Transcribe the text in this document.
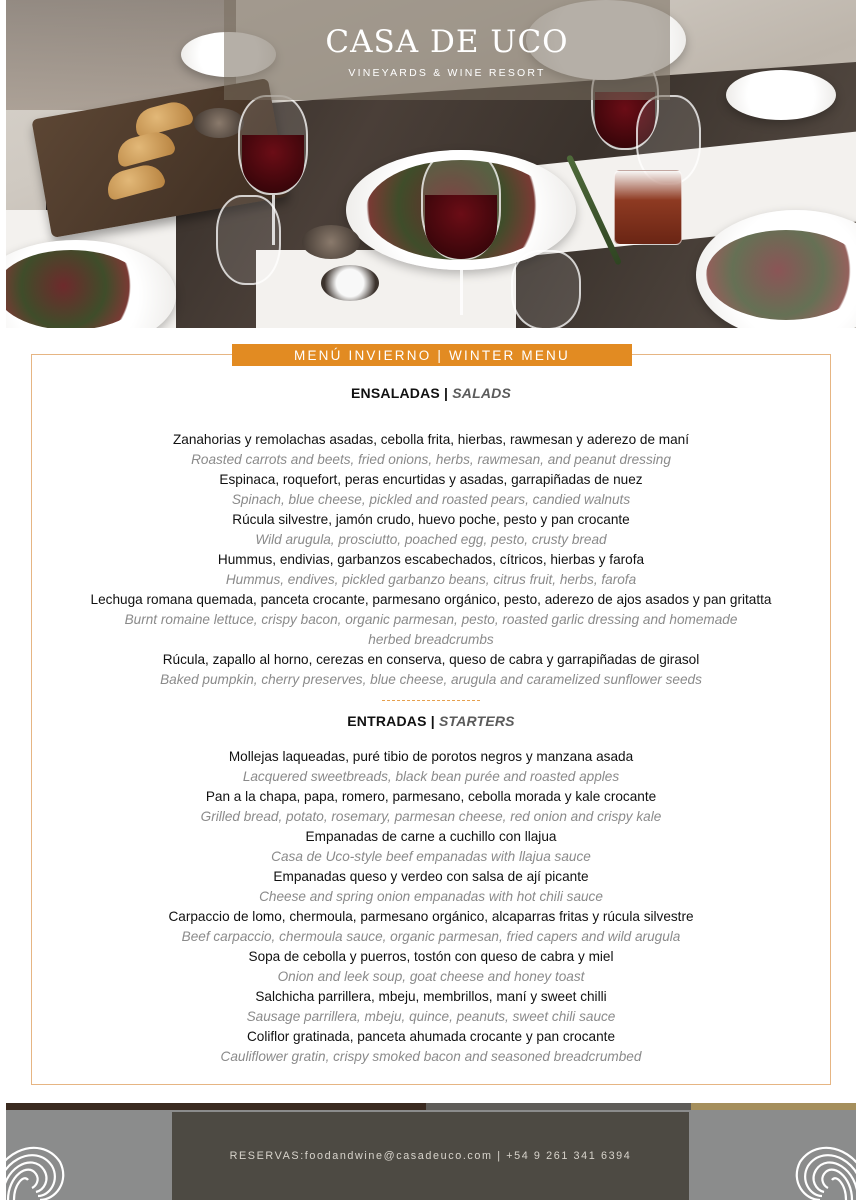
CASA DE UCO
VINEYARDS & WINE RESORT
MENÚ INVIERNO | WINTER MENU
ENSALADAS | SALADS
Zanahorias y remolachas asadas, cebolla frita, hierbas, rawmesan y aderezo de maní
Roasted carrots and beets, fried onions, herbs, rawmesan, and peanut dressing
Espinaca, roquefort, peras encurtidas y asadas, garrapiñadas de nuez
Spinach, blue cheese, pickled and roasted pears, candied walnuts
Rúcula silvestre, jamón crudo, huevo poche, pesto y pan crocante
Wild arugula, prosciutto, poached egg, pesto, crusty bread
Hummus, endivias, garbanzos escabechados, cítricos, hierbas y farofa
Hummus, endives, pickled garbanzo beans, citrus fruit, herbs, farofa
Lechuga romana quemada, panceta crocante, parmesano orgánico, pesto, aderezo de ajos asados y pan gritatta
Burnt romaine lettuce, crispy bacon, organic parmesan, pesto, roasted garlic dressing and homemade herbed breadcrumbs
Rúcula, zapallo al horno, cerezas en conserva, queso de cabra y garrapiñadas de girasol
Baked pumpkin, cherry preserves, blue cheese, arugula and caramelized sunflower seeds
ENTRADAS | STARTERS
Mollejas laqueadas, puré tibio de porotos negros y manzana asada
Lacquered sweetbreads, black bean purée and roasted apples
Pan a la chapa, papa, romero, parmesano, cebolla morada y kale crocante
Grilled bread, potato, rosemary, parmesan cheese, red onion and crispy kale
Empanadas de carne a cuchillo con llajua
Casa de Uco-style beef empanadas with llajua sauce
Empanadas queso y verdeo con salsa de ají picante
Cheese and spring onion empanadas with hot chili sauce
Carpaccio de lomo, chermoula, parmesano orgánico, alcaparras fritas y rúcula silvestre
Beef carpaccio, chermoula sauce, organic parmesan, fried capers and wild arugula
Sopa de cebolla y puerros, tostón con queso de cabra y miel
Onion and leek soup, goat cheese and honey toast
Salchicha parrillera, mbeju, membrillos, maní y sweet chilli
Sausage parrillera, mbeju, quince, peanuts, sweet chili sauce
Coliflor gratinada, panceta ahumada crocante y pan crocante
Cauliflower gratin, crispy smoked bacon and seasoned breadcrumbed
RESERVAS:foodandwine@casadeuco.com | +54 9 261 341 6394
